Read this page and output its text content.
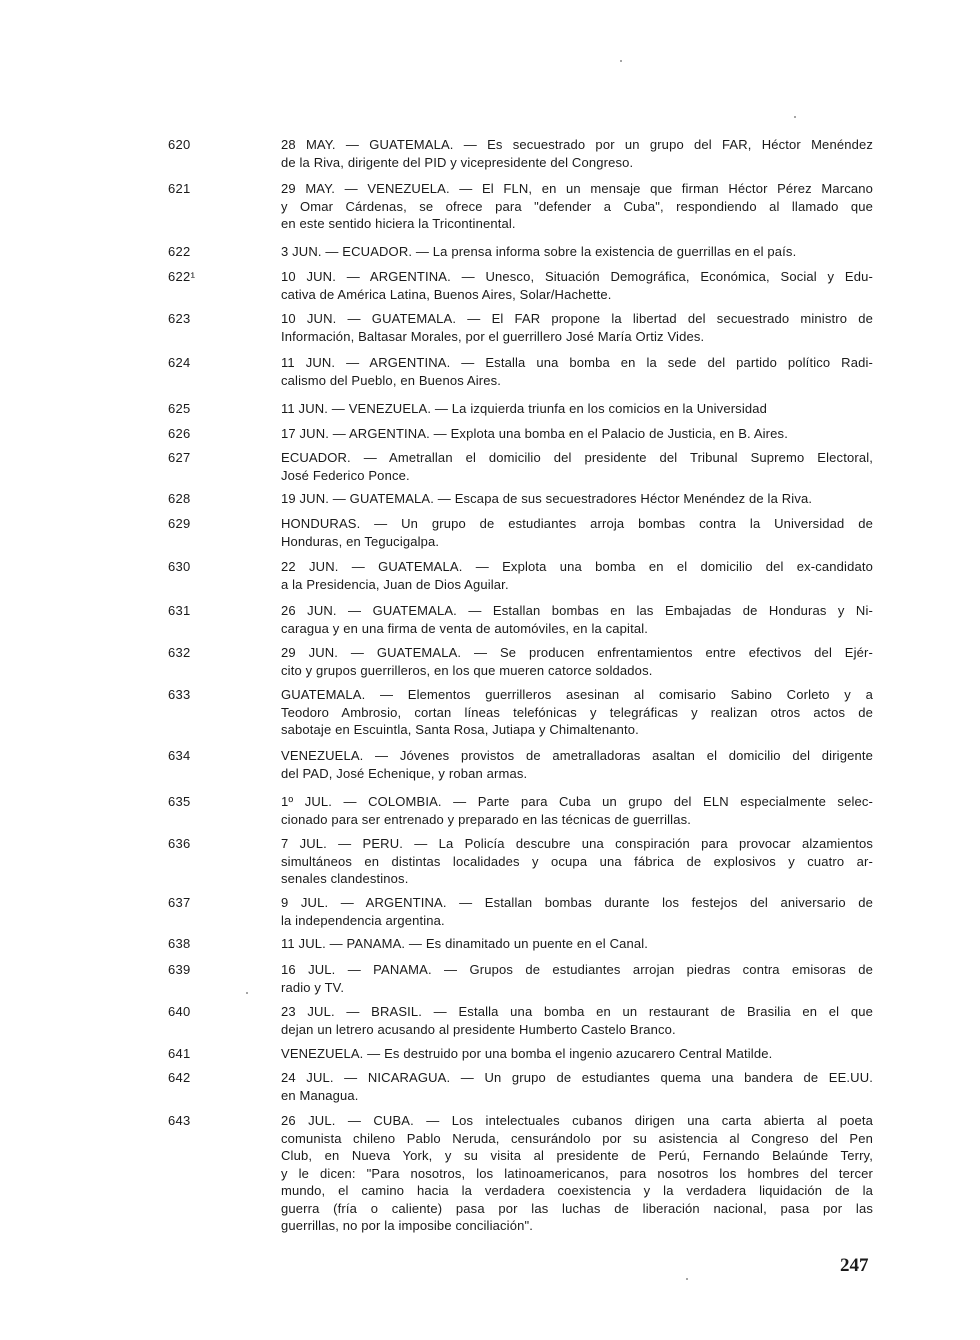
620	28 MAY. — GUATEMALA. — Es secuestrado por un grupo del FAR, Héctor Menéndez
de la Riva, dirigente del PID y vicepresidente del Congreso.
621	29 MAY. — VENEZUELA. — El FLN, en un mensaje que firman Héctor Pérez Marcano
y Omar Cárdenas, se ofrece para "defender a Cuba", respondiendo al llamado que
en este sentido hiciera la Tricontinental.
622	3 JUN. — ECUADOR. — La prensa informa sobre la existencia de guerrillas en el país.
622¹	10 JUN. — ARGENTINA. — Unesco, Situación Demográfica, Económica, Social y Edu-
cativa de América Latina, Buenos Aires, Solar/Hachette.
623	10 JUN. — GUATEMALA. — El FAR propone la libertad del secuestrado ministro de
Información, Baltasar Morales, por el guerrillero José María Ortiz Vides.
624	11 JUN. — ARGENTINA. — Estalla una bomba en la sede del partido político Radi-
calismo del Pueblo, en Buenos Aires.
625	11 JUN. — VENEZUELA. — La izquierda triunfa en los comicios en la Universidad
626	17 JUN. — ARGENTINA. — Explota una bomba en el Palacio de Justicia, en B. Aires.
627	ECUADOR. — Ametrallan el domicilio del presidente del Tribunal Supremo Electoral,
José Federico Ponce.
628	19 JUN. — GUATEMALA. — Escapa de sus secuestradores Héctor Menéndez de la Riva.
629	HONDURAS. — Un grupo de estudiantes arroja bombas contra la Universidad de
Honduras, en Tegucigalpa.
630	22 JUN. — GUATEMALA. — Explota una bomba en el domicilio del ex-candidato
a la Presidencia, Juan de Dios Aguilar.
631	26 JUN. — GUATEMALA. — Estallan bombas en las Embajadas de Honduras y Ni-
caragua y en una firma de venta de automóviles, en la capital.
632	29 JUN. — GUATEMALA. — Se producen enfrentamientos entre efectivos del Ejér-
cito y grupos guerrilleros, en los que mueren catorce soldados.
633	GUATEMALA. — Elementos guerrilleros asesinan al comisario Sabino Corleto y a
Teodoro Ambrosio, cortan líneas telefónicas y telegráficas y realizan otros actos de
sabotaje en Escuintla, Santa Rosa, Jutiapa y Chimaltenanto.
634	VENEZUELA. — Jóvenes provistos de ametralladoras asaltan el domicilio del dirigente
del PAD, José Echenique, y roban armas.
635	1º JUL. — COLOMBIA. — Parte para Cuba un grupo del ELN especialmente selec-
cionado para ser entrenado y preparado en las técnicas de guerrillas.
636	7 JUL. — PERU. — La Policía descubre una conspiración para provocar alzamientos
simultáneos en distintas localidades y ocupa una fábrica de explosivos y cuatro ar-
senales clandestinos.
637	9 JUL. — ARGENTINA. — Estallan bombas durante los festejos del aniversario de
la independencia argentina.
638	11 JUL. — PANAMA. — Es dinamitado un puente en el Canal.
639	16 JUL. — PANAMA. — Grupos de estudiantes arrojan piedras contra emisoras de
radio y TV.
640	23 JUL. — BRASIL. — Estalla una bomba en un restaurant de Brasilia en el que
dejan un letrero acusando al presidente Humberto Castelo Branco.
641	VENEZUELA. — Es destruido por una bomba el ingenio azucarero Central Matilde.
642	24 JUL. — NICARAGUA. — Un grupo de estudiantes quema una bandera de EE.UU.
en Managua.
643	26 JUL. — CUBA. — Los intelectuales cubanos dirigen una carta abierta al poeta
comunista chileno Pablo Neruda, censurándolo por su asistencia al Congreso del Pen
Club, en Nueva York, y su visita al presidente de Perú, Fernando Belaúnde Terry,
y le dicen: "Para nosotros, los latinoamericanos, para nosotros los hombres del tercer
mundo, el camino hacia la verdadera coexistencia y la verdadera liquidación de la
guerra (fría o caliente) pasa por las luchas de liberación nacional, pasa por las
guerrillas, no por la imposibe conciliación".
247
